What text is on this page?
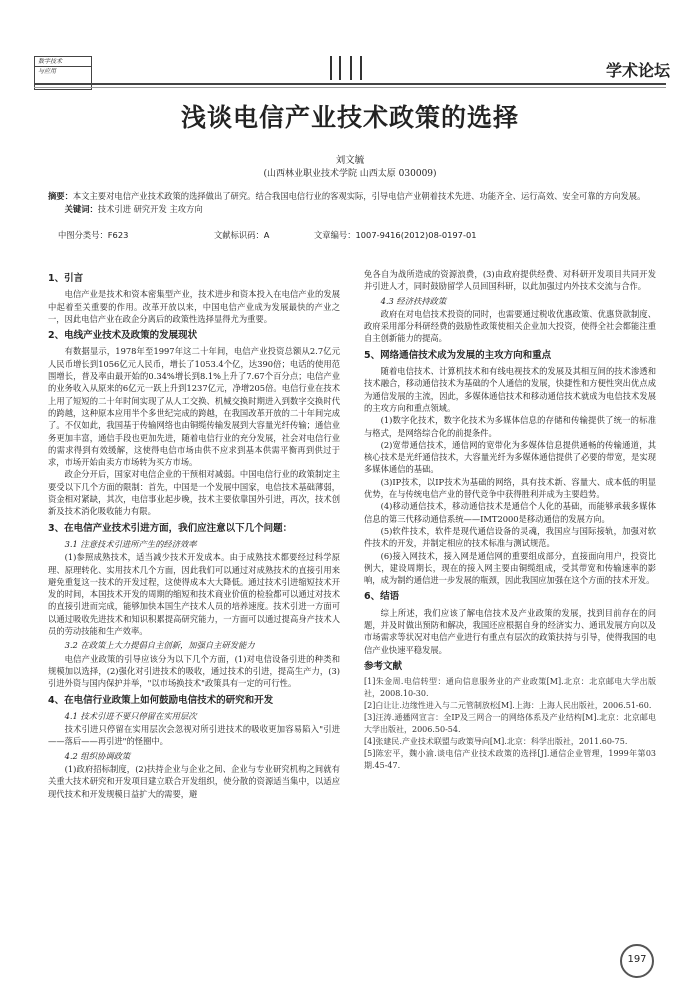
数字技术
与应用	学术论坛
浅谈电信产业技术政策的选择
刘文毓
(山西林业职业技术学院 山西太原 030009)
摘要：本文主要对电信产业技术政策的选择做出了研究。结合我国电信行业的客观实际，引导电信产业朝着技术先进、功能齐全、运行高效、安全可靠的方向发展。
关键词：技术引进 研究开发 主攻方向
中图分类号：F623	文献标识码：A	文章编号：1007-9416(2012)08-0197-01
1、引言

电信产业是技术和资本密集型产业，技术进步和资本投入在电信产业的发展中起着至关重要的作用。改革开放以来，中国电信产业成为发展最快的产业之一，因此电信产业在政企分离后的政策性选择显得尤为重要。

2、电线产业技术及政策的发展现状

有数据显示，1978年至1997年这二十年间，电信产业投资总额从2.7亿元人民币增长到1056亿元人民币，增长了1053.4个亿，达390倍；电话的使用范围增长，普及率由最开始的0.34%增长到8.1%上升了7.67个百分点；电信产业的业务收入从原来的6亿元一跃上升到1237亿元，净增205倍。电信行业在技术上用了短短的二十年时间实现了从人工交换、机械交换时期进入到数字交换时代的跨越，这种原本应用半个多世纪完成的跨越，在我国改革开放的二十年间完成了。不仅如此，我国基于传输网络也由铜缆传输发展到大容量光纤传输；通信业务更加丰富，通信手段也更加先进，随着电信行业的充分发展，社会对电信行业的需求得到有效缓解，这使得电信市场由供不应求到基本供需平衡再到供过于求，市场开始由卖方市场转为买方市场。

政企分开后，国家对电信企业的干预相对减弱。中国电信行业的政策制定主要受以下几个方面的限制：首先，中国是一个发展中国家，电信技术基础薄弱，资金相对紧缺，其次，电信事业起步晚，技术主要依靠国外引进，再次，技术创新及技术消化吸收能力有限。

3、在电信产业技术引进方面，我们应注意以下几个问题：
3.1 注意技术引进所产生的经济效率

(1)参照成熟技术，适当减少技术开发成本。由于成熟技术都要经过科学原理、原理转化、实用技术几个方面，因此我们可以通过对成熟技术的直接引用来避免重复这一技术的开发过程，这使得成本大大降低。通过技术引进缩短技术开发的时间，本国技术开发的周期的缩短和技术商业价值的检验都可以通过对技术的直接引进而完成，能够加快本国生产技术人员的培养速度。技术引进一方面可以通过吸收先进技术和知识积累提高研究能力，一方面可以通过提高身产技术人员的劳动技能和生产效率。

3.2 在政策上大力提倡自主创新，加强自主研发能力

电信产业政策的引导应该分为以下几个方面，(1)对电信设备引进的种类和规模加以选择，(2)强化对引进技术的吸收，通过技术的引进，提高生产力，(3)引进外资与国内保护并举，"以市场换技术"政策具有一定的可行性。

4、在电信行业政策上如何鼓励电信技术的研究和开发
4.1 技术引进不要只停留在实用层次

技术引进只停留在实用层次会忽视对所引进技术的吸收更加容易陷入"引进——落后——再引进"的怪圈中。

4.2 组织协调政策

(1)政府招标制度，(2)扶持企业与企业之间、企业与专业研究机构之间就有关重大技术研究和开发项目建立联合开发组织，使分散的资源适当集中，以适应现代技术和开发规模日益扩大的需要，避

免各自为战所造成的资源浪费，(3)由政府提供经费、对科研开发项目共同开发并引进人才，同时鼓励留学人员回国科研，以此加强过内外技术交流与合作。

4.3 经济扶持政策

政府在对电信技术投资的同时，也需要通过税收优惠政策、优惠贷款制度、政府采用部分科研经费的鼓励性政策使相关企业加大投资，使得全社会都能注重自主创新能力的提高。

5、网络通信技术成为发展的主攻方向和重点

随着电信技术、计算机技术和有线电视技术的发展及其相互间的技术渗透和技术融合，移动通信技术为基础的个人通信的发展，快捷性和方便性突出优点成为通信发展的主流，因此，多媒体通信技术和移动通信技术就成为电信技术发展的主攻方向和重点领域。

(1)数字化技术，数字化技术为多媒体信息的存储和传输提供了统一的标准与格式，是网络综合化的前提条件。

(2)宽带通信技术，通信网的宽带化为多媒体信息提供通畅的传输通道，其核心技术是光纤通信技术，大容量光纤为多媒体通信提供了必要的带宽，是实现多媒体通信的基础。

(3)IP技术，以IP技术为基础的网络，具有技术新、容量大、成本低的明显优势，在与传统电信产业的替代竞争中获得胜利并成为主要趋势。

(4)移动通信技术，移动通信技术是通信个人化的基础，而能够承载多媒体信息的第三代移动通信系统——IMT2000是移动通信的发展方向。

(5)软件技术，软件是现代通信设备的灵魂，我国应与国际接轨，加强对软件技术的开发，并制定相应的技术标准与测试规范。

(6)接入网技术，接入网是通信网的重要组成部分，直接面向用户，投资比例大，建设周期长，现在的接入网主要由铜缆组成，受其带宽和传输速率的影响，成为制约通信进一步发展的瓶颈，因此我国应加强在这个方面的技术开发。

6、结语

综上所述，我们应该了解电信技术及产业政策的发展，找到目前存在的问题，并及时做出预防和解决，我国还应根据自身的经济实力、通讯发展方向以及市场需求等状况对电信产业进行有重点有层次的政策扶持与引导，使得我国的电信产业快速平稳发展。

参考文献

[1]朱金周.电信转型：通向信息服务业的产业政策[M].北京：北京邮电大学出版社，2008.10-30.

[2]白让让.边缘性进入与二元管制放松[M].上海：上海人民出版社，2006.51-60.

[3]汪涛.通播网宣言：全IP及三网合一的网络体系及产业结构[M].北京：北京邮电大学出版社，2006.50-54.

[4]张建民.产业技术联盟与政策导向[M].北京：科学出版社，2011.60-75.

[5]陈宏平，魏小渝.谈电信产业技术政策的选择[J].通信企业管理，1999年第03期.45-47.

197
